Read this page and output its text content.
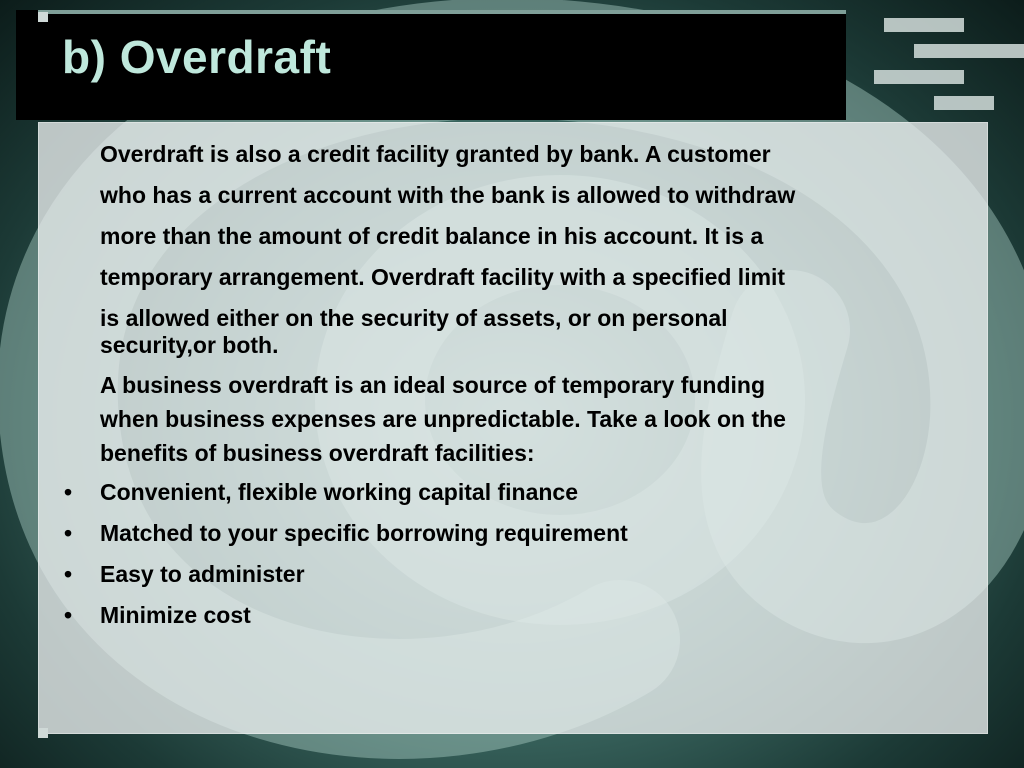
b) Overdraft

Overdraft is also a credit facility granted by bank. A customer
who has a current account with the bank is allowed to withdraw
more than the amount of credit balance in his account. It is a
temporary arrangement. Overdraft facility with a specified limit
is allowed either on the security of assets, or on personal
security,or both.

A business overdraft is an ideal source of temporary funding
when business expenses are unpredictable. Take a look on the
benefits of business overdraft facilities:

• Convenient, flexible working capital finance
• Matched to your specific borrowing requirement
• Easy to administer
• Minimize cost
